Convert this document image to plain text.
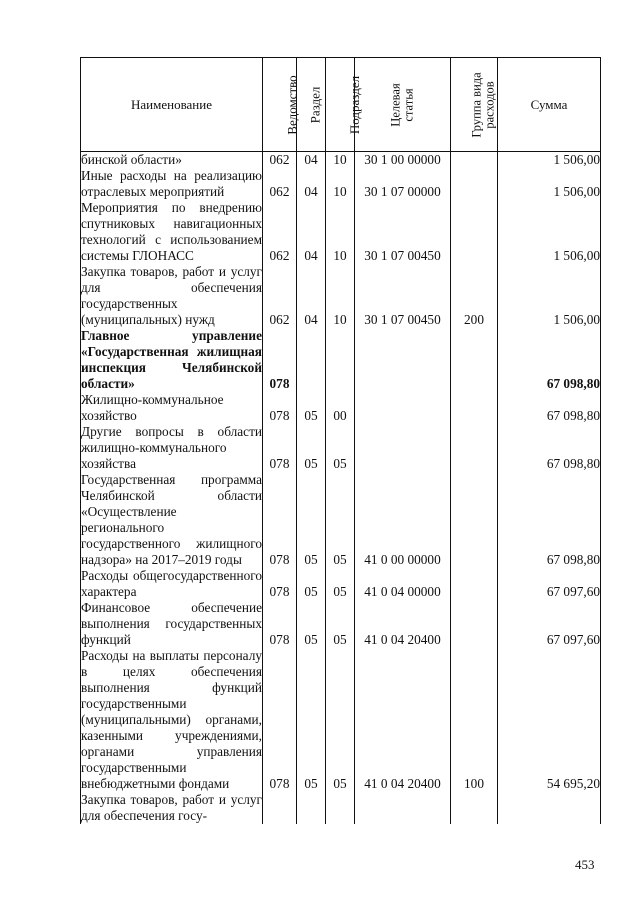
Наименование	Ведомство	Раздел	Подраздел	Целевая
статья	Группа вида
расходов	Сумма
бинской области»	062	04	10	30 1 00 00000		1 506,00
Иные расходы на реализацию отраслевых мероприятий	062	04	10	30 1 07 00000		1 506,00
Мероприятия по внедрению спутниковых навигационных технологий с использованием системы ГЛОНАСС	062	04	10	30 1 07 00450		1 506,00
Закупка товаров, работ и услуг для обеспечения государственных (муниципальных) нужд	062	04	10	30 1 07 00450	200	1 506,00
Главное управление «Государственная жилищная инспекция Челябинской области»	078					67 098,80
Жилищно-коммунальное хозяйство	078	05	00			67 098,80
Другие вопросы в области жилищно-коммунального хозяйства	078	05	05			67 098,80
Государственная программа Челябинской области «Осуществление регионального государственного жилищного надзора» на 2017–2019 годы	078	05	05	41 0 00 00000		67 098,80
Расходы общегосударственного характера	078	05	05	41 0 04 00000		67 097,60
Финансовое обеспечение выполнения государственных функций	078	05	05	41 0 04 20400		67 097,60
Расходы на выплаты персоналу в целях обеспечения выполнения функций государственными (муниципальными) органами, казенными учреждениями, органами управления государственными внебюджетными фондами	078	05	05	41 0 04 20400	100	54 695,20
Закупка товаров, работ и услуг для обеспечения госу-						
453
